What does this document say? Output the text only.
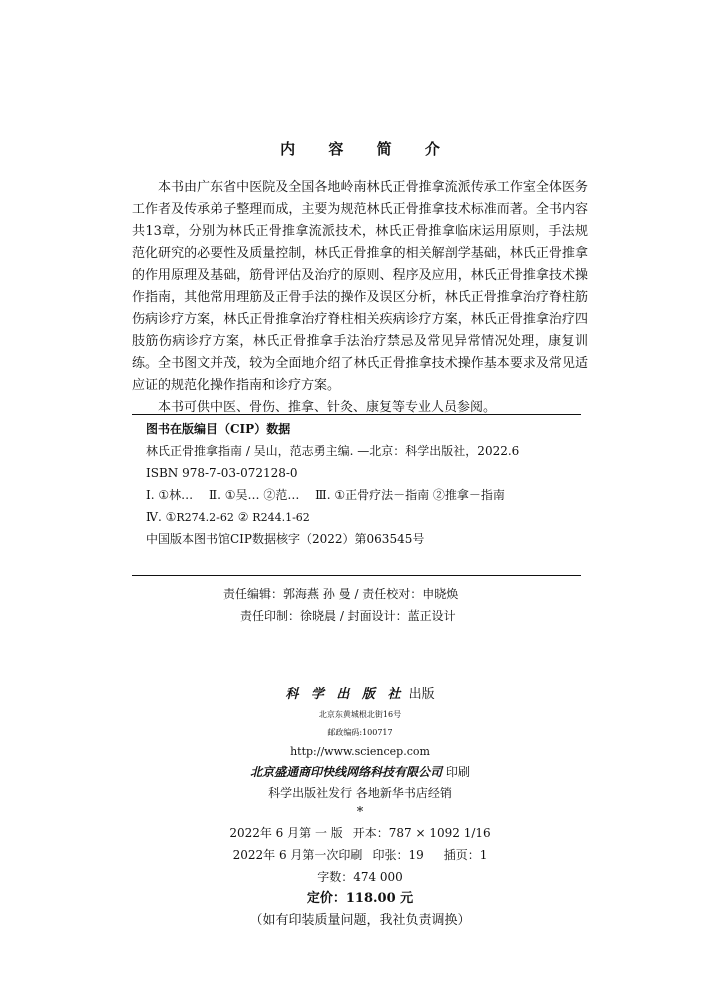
内 容 简 介

本书由广东省中医院及全国各地岭南林氏正骨推拿流派传承工作室全体医务工作者及传承弟子整理而成，主要为规范林氏正骨推拿技术标准而著。全书内容共13章，分别为林氏正骨推拿流派技术，林氏正骨推拿临床运用原则，手法规范化研究的必要性及质量控制，林氏正骨推拿的相关解剖学基础，林氏正骨推拿的作用原理及基础，筋骨评估及治疗的原则、程序及应用，林氏正骨推拿技术操作指南，其他常用理筋及正骨手法的操作及误区分析，林氏正骨推拿治疗脊柱筋伤病诊疗方案，林氏正骨推拿治疗脊柱相关疾病诊疗方案，林氏正骨推拿治疗四肢筋伤病诊疗方案，林氏正骨推拿手法治疗禁忌及常见异常情况处理，康复训练。全书图文并茂，较为全面地介绍了林氏正骨推拿技术操作基本要求及常见适应证的规范化操作指南和诊疗方案。

本书可供中医、骨伤、推拿、针灸、康复等专业人员参阅。

图书在版编目（CIP）数据
林氏正骨推拿指南 / 吴山，范志勇主编. —北京：科学出版社，2022.6
ISBN 978-7-03-072128-0
Ⅰ. ①林… Ⅱ. ①吴… ②范… Ⅲ. ①正骨疗法－指南 ②推拿－指南
Ⅳ. ①R274.2-62 ② R244.1-62
中国版本图书馆CIP数据核字（2022）第063545号
责任编辑：郭海燕 孙 曼 / 责任校对：申晓焕
责任印制：徐晓晨 / 封面设计：蓝正设计
科 学 出 版 社 出版
北京东黄城根北街16号
邮政编码:100717
http://www.sciencep.com
北京盛通商印快线网络科技有限公司 印刷
科学出版社发行 各地新华书店经销
*
2022年 6 月第 一 版 开本：787 × 1092 1/16
2022年 6 月第一次印刷 印张：19 插页：1
字数：474 000
定价：118.00 元
（如有印装质量问题，我社负责调换）
